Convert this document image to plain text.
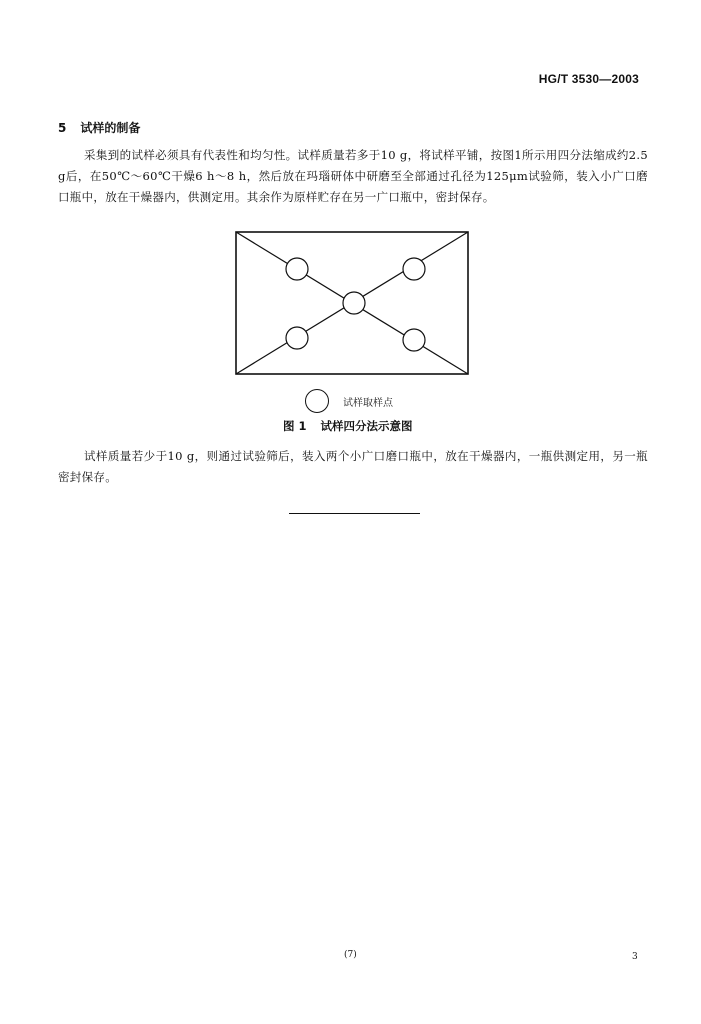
HG/T 3530—2003
5 试样的制备
采集到的试样必须具有代表性和均匀性。试样质量若多于10 g，将试样平铺，按图1所示用四分法缩成约2.5 g后，在50℃～60℃干燥6 h～8 h，然后放在玛瑙研体中研磨至全部通过孔径为125μm试验筛，装入小广口磨口瓶中，放在干燥器内，供测定用。其余作为原样贮存在另一广口瓶中，密封保存。
试样取样点
图 1 试样四分法示意图
试样质量若少于10 g，则通过试验筛后，装入两个小广口磨口瓶中，放在干燥器内，一瓶供测定用，另一瓶密封保存。
(7)	3
